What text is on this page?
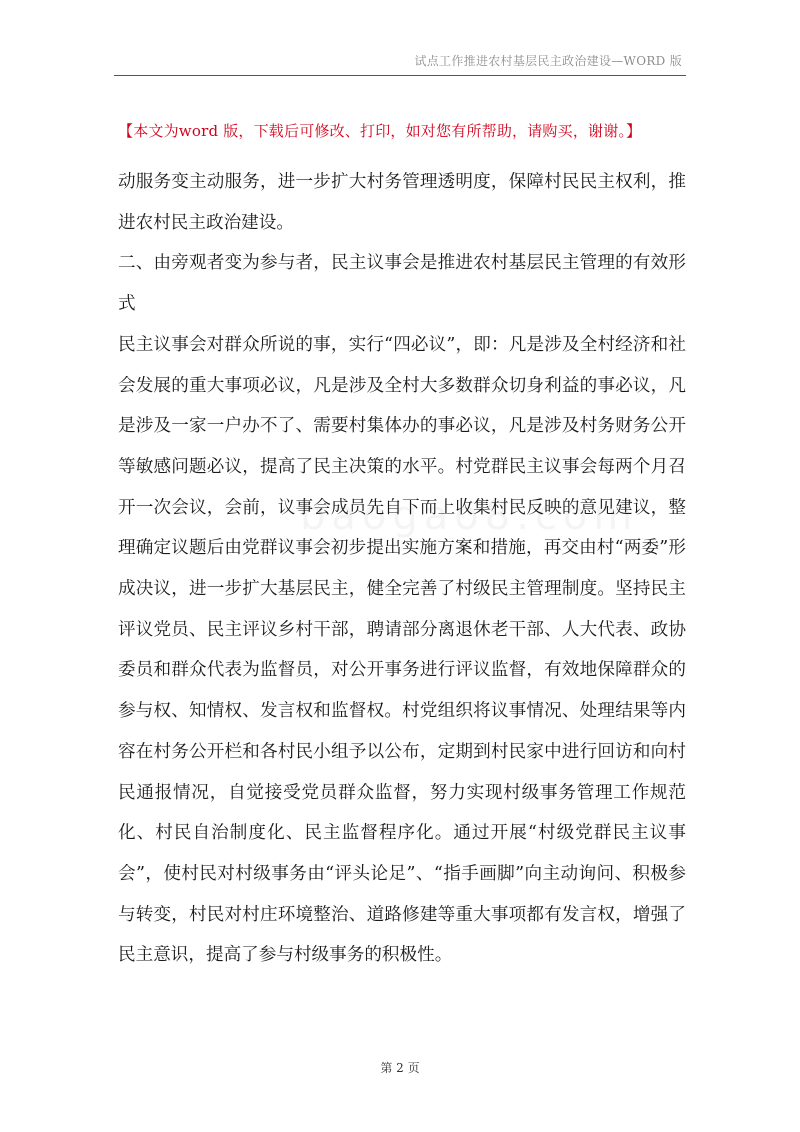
试点工作推进农村基层民主政治建设—WORD 版
【本文为word 版，下载后可修改、打印，如对您有所帮助，请购买，谢谢。】

动服务变主动服务，进一步扩大村务管理透明度，保障村民民主权利，推进农村民主政治建设。

二、由旁观者变为参与者，民主议事会是推进农村基层民主管理的有效形式

民主议事会对群众所说的事，实行“四必议”，即：凡是涉及全村经济和社会发展的重大事项必议，凡是涉及全村大多数群众切身利益的事必议，凡是涉及一家一户办不了、需要村集体办的事必议，凡是涉及村务财务公开等敏感问题必议，提高了民主决策的水平。村党群民主议事会每两个月召开一次会议，会前，议事会成员先自下而上收集村民反映的意见建议，整理确定议题后由党群议事会初步提出实施方案和措施，再交由村“两委”形成决议，进一步扩大基层民主，健全完善了村级民主管理制度。坚持民主评议党员、民主评议乡村干部，聘请部分离退休老干部、人大代表、政协委员和群众代表为监督员，对公开事务进行评议监督，有效地保障群众的参与权、知情权、发言权和监督权。村党组织将议事情况、处理结果等内容在村务公开栏和各村民小组予以公布，定期到村民家中进行回访和向村民通报情况，自觉接受党员群众监督，努力实现村级事务管理工作规范化、村民自治制度化、民主监督程序化。通过开展“村级党群民主议事会”，使村民对村级事务由“评头论足”、“指手画脚”向主动询问、积极参与转变，村民对村庄环境整治、道路修建等重大事项都有发言权，增强了民主意识，提高了参与村级事务的积极性。

第 2 页
